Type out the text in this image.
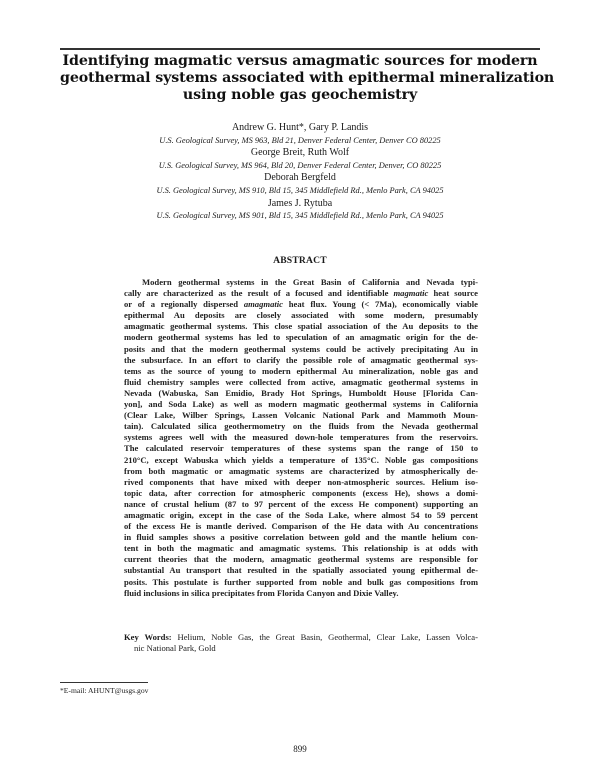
Identifying magmatic versus amagmatic sources for modern
geothermal systems associated with epithermal mineralization
using noble gas geochemistry
Andrew G. Hunt*, Gary P. Landis
U.S. Geological Survey, MS 963, Bld 21, Denver Federal Center, Denver CO 80225
George Breit, Ruth Wolf
U.S. Geological Survey, MS 964, Bld 20, Denver Federal Center, Denver, CO 80225
Deborah Bergfeld
U.S. Geological Survey, MS 910, Bld 15, 345 Middlefield Rd., Menlo Park, CA 94025
James J. Rytuba
U.S. Geological Survey, MS 901, Bld 15, 345 Middlefield Rd., Menlo Park, CA 94025
ABSTRACT
Modern geothermal systems in the Great Basin of California and Nevada typi-
cally are characterized as the result of a focused and identifiable magmatic heat source
or of a regionally dispersed amagmatic heat flux. Young (< 7Ma), economically viable
epithermal Au deposits are closely associated with some modern, presumably
amagmatic geothermal systems. This close spatial association of the Au deposits to the
modern geothermal systems has led to speculation of an amagmatic origin for the de-
posits and that the modern geothermal systems could be actively precipitating Au in
the subsurface. In an effort to clarify the possible role of amagmatic geothermal sys-
tems as the source of young to modern epithermal Au mineralization, noble gas and
fluid chemistry samples were collected from active, amagmatic geothermal systems in
Nevada (Wabuska, San Emidio, Brady Hot Springs, Humboldt House [Florida Can-
yon], and Soda Lake) as well as modern magmatic geothermal systems in California
(Clear Lake, Wilber Springs, Lassen Volcanic National Park and Mammoth Moun-
tain). Calculated silica geothermometry on the fluids from the Nevada geothermal
systems agrees well with the measured down-hole temperatures from the reservoirs.
The calculated reservoir temperatures of these systems span the range of 150 to
210°C, except Wabuska which yields a temperature of 135°C. Noble gas compositions
from both magmatic or amagmatic systems are characterized by atmospherically de-
rived components that have mixed with deeper non-atmospheric sources. Helium iso-
topic data, after correction for atmospheric components (excess He), shows a domi-
nance of crustal helium (87 to 97 percent of the excess He component) supporting an
amagmatic origin, except in the case of the Soda Lake, where almost 54 to 59 percent
of the excess He is mantle derived. Comparison of the He data with Au concentrations
in fluid samples shows a positive correlation between gold and the mantle helium con-
tent in both the magmatic and amagmatic systems. This relationship is at odds with
current theories that the modern, amagmatic geothermal systems are responsible for
substantial Au transport that resulted in the spatially associated young epithermal de-
posits. This postulate is further supported from noble and bulk gas compositions from
fluid inclusions in silica precipitates from Florida Canyon and Dixie Valley.
Key Words: Helium, Noble Gas, the Great Basin, Geothermal, Clear Lake, Lassen Volca-
nic National Park, Gold
*E-mail: AHUNT@usgs.gov
899
